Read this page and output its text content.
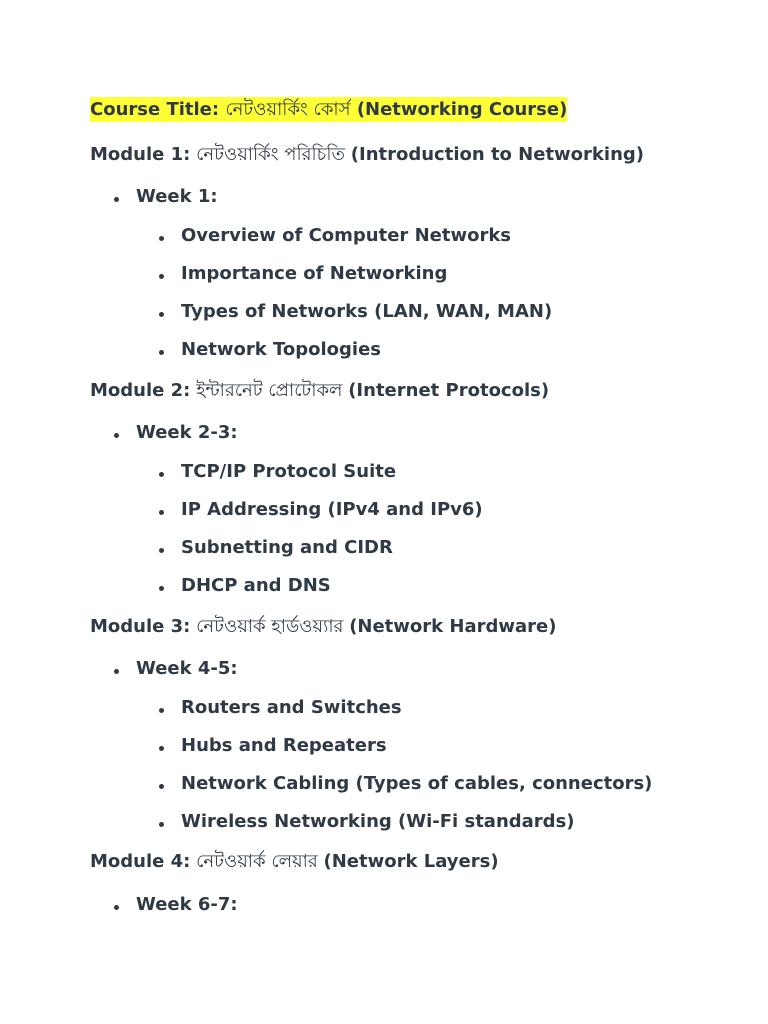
Course Title: নেটওয়ার্কিং কোর্স (Networking Course)
Module 1: নেটওয়ার্কিং পরিচিতি (Introduction to Networking)
Week 1:
Overview of Computer Networks
Importance of Networking
Types of Networks (LAN, WAN, MAN)
Network Topologies
Module 2: ইন্টারনেট প্রোটোকল (Internet Protocols)
Week 2-3:
TCP/IP Protocol Suite
IP Addressing (IPv4 and IPv6)
Subnetting and CIDR
DHCP and DNS
Module 3: নেটওয়ার্ক হার্ডওয়্যার (Network Hardware)
Week 4-5:
Routers and Switches
Hubs and Repeaters
Network Cabling (Types of cables, connectors)
Wireless Networking (Wi-Fi standards)
Module 4: নেটওয়ার্ক লেয়ার (Network Layers)
Week 6-7:
